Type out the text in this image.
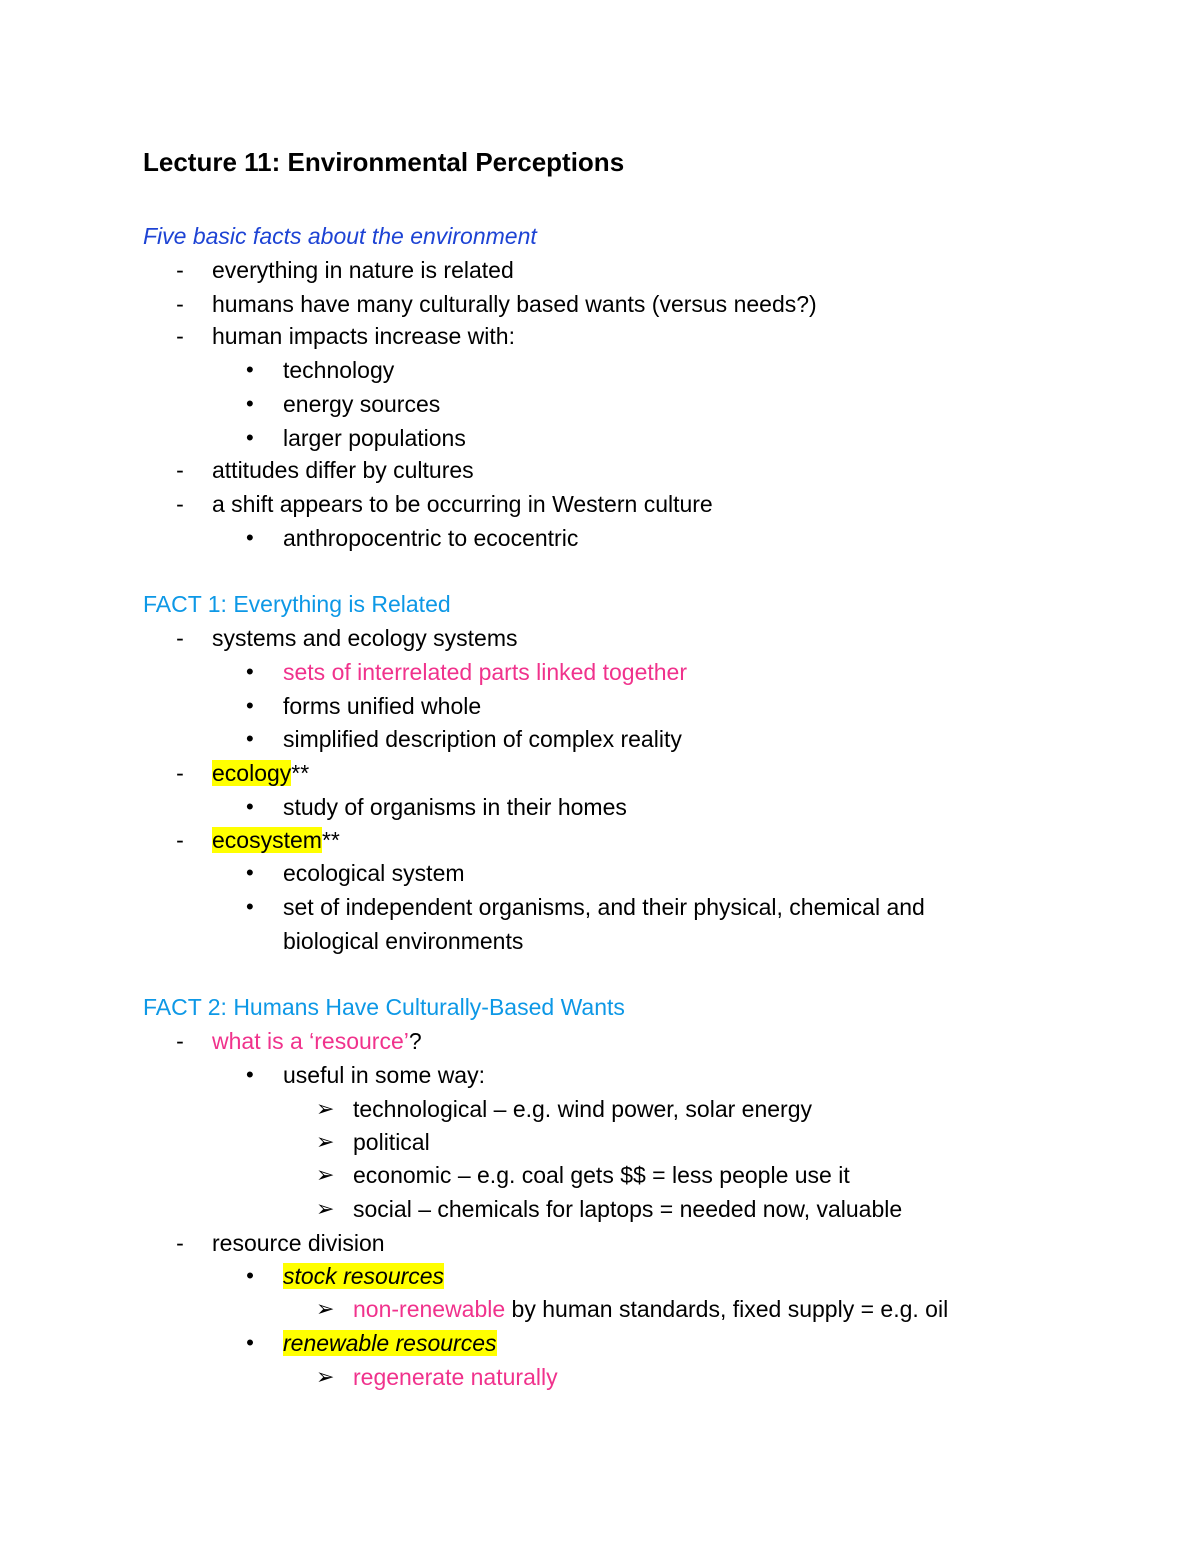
Lecture 11: Environmental Perceptions
Five basic facts about the environment
- everything in nature is related
- humans have many culturally based wants (versus needs?)
- human impacts increase with:
• technology
• energy sources
• larger populations
- attitudes differ by cultures
- a shift appears to be occurring in Western culture
• anthropocentric to ecocentric
FACT 1: Everything is Related
- systems and ecology systems
• sets of interrelated parts linked together
• forms unified whole
• simplified description of complex reality
- ecology**
• study of organisms in their homes
- ecosystem**
• ecological system
• set of independent organisms, and their physical, chemical and
biological environments
FACT 2: Humans Have Culturally-Based Wants
- what is a ‘resource’?
• useful in some way:
➢ technological – e.g. wind power, solar energy
➢ political
➢ economic – e.g. coal gets $$ = less people use it
➢ social – chemicals for laptops = needed now, valuable
- resource division
• stock resources
➢ non-renewable by human standards, fixed supply = e.g. oil
• renewable resources
➢ regenerate naturally
